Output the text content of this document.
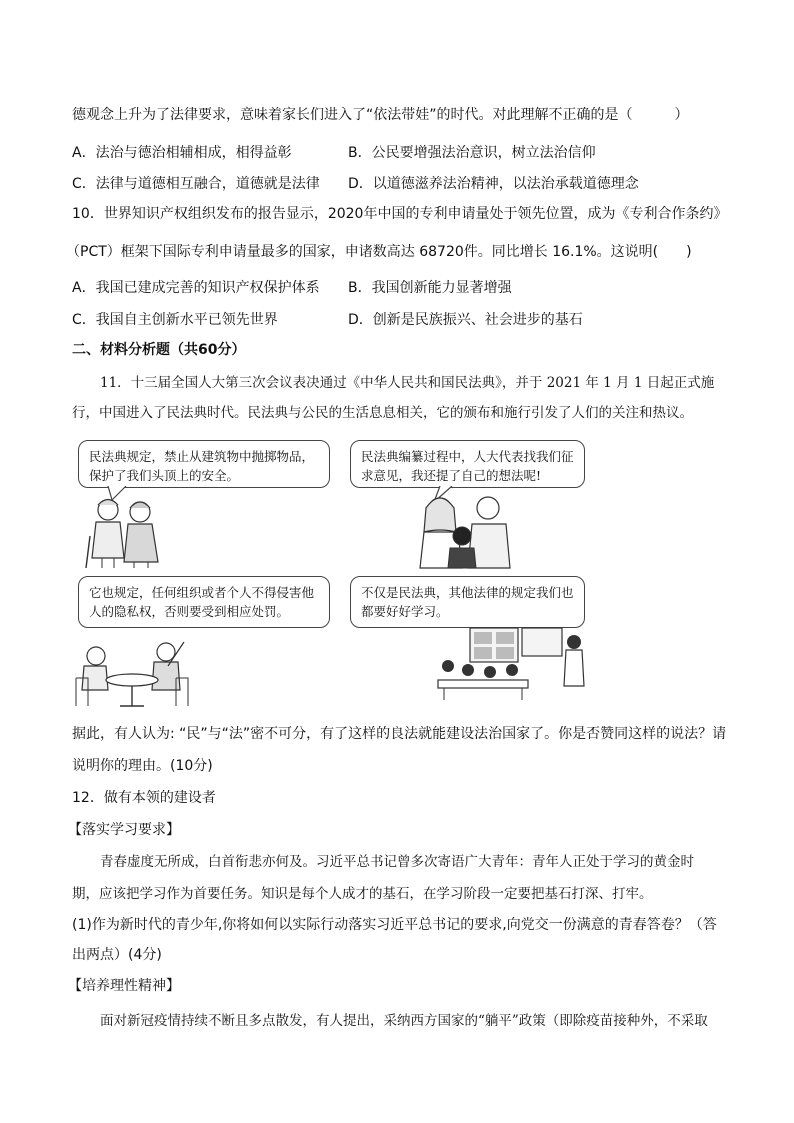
德观念上升为了法律要求，意味着家长们进入了“依法带娃”的时代。对此理解不正确的是（　　　）
A．法治与德治相辅相成，相得益彰	B．公民要增强法治意识，树立法治信仰
C．法律与道德相互融合，道德就是法律 D．以道德滋养法治精神，以法治承载道德理念
10．世界知识产权组织发布的报告显示，2020年中国的专利申请量处于领先位置，成为《专利合作条约》
（PCT）框架下国际专利申请量最多的国家，申诸数高达 68720件。同比增长 16.1%。这说明(　　)
A．我国已建成完善的知识产权保护体系 B．我国创新能力显著增强
C．我国自主创新水平已领先世界	D．创新是民族振兴、社会进步的基石
二、材料分析题（共60分）
11．十三届全国人大第三次会议表决通过《中华人民共和国民法典》，并于 2021 年 1 月 1 日起正式施
行，中国进入了民法典时代。民法典与公民的生活息息相关，它的颁布和施行引发了人们的关注和热议。
民法典规定，禁止从建筑物中抛掷物品，保护了我们头顶上的安全。
民法典编纂过程中，人大代表找我们征求意见，我还提了自己的想法呢!
它也规定，任何组织或者个人不得侵害他人的隐私权，否则要受到相应处罚。
不仅是民法典，其他法律的规定我们也都要好好学习。
据此，有人认为: “民”与“法”密不可分，有了这样的良法就能建设法治国家了。你是否赞同这样的说法？请
说明你的理由。(10分)
12．做有本领的建设者
【落实学习要求】
青春虚度无所成，白首衔悲亦何及。习近平总书记曾多次寄语广大青年：青年人正处于学习的黄金时
期，应该把学习作为首要任务。知识是每个人成才的基石，在学习阶段一定要把基石打深、打牢。
(1)作为新时代的青少年,你将如何以实际行动落实习近平总书记的要求,向党交一份满意的青春答卷？（答
出两点）(4分)
【培养理性精神】
面对新冠疫情持续不断且多点散发，有人提出，采纳西方国家的“躺平”政策（即除疫苗接种外，不采取
